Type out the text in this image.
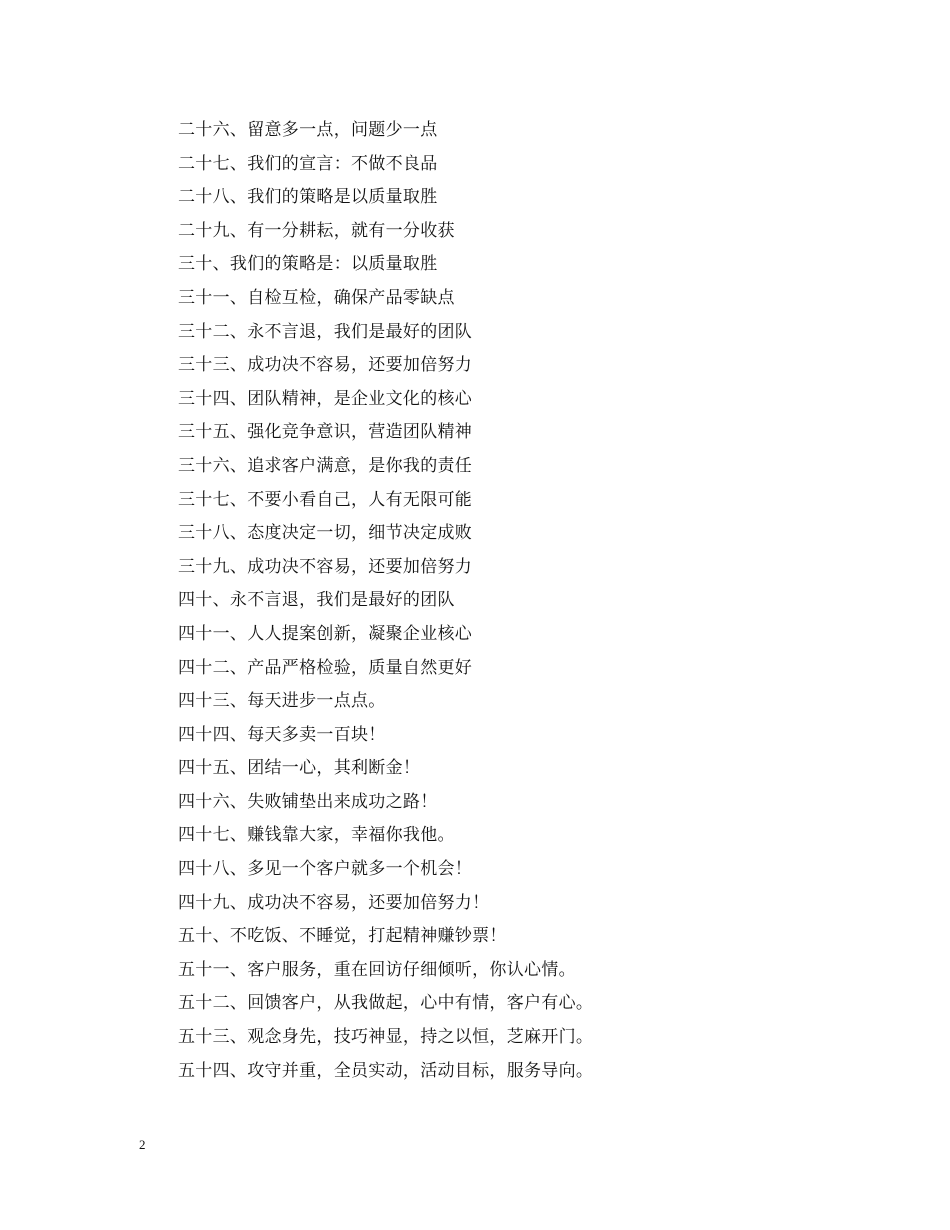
二十六、留意多一点，问题少一点
二十七、我们的宣言：不做不良品
二十八、我们的策略是以质量取胜
二十九、有一分耕耘，就有一分收获
三十、我们的策略是：以质量取胜
三十一、自检互检，确保产品零缺点
三十二、永不言退，我们是最好的团队
三十三、成功决不容易，还要加倍努力
三十四、团队精神，是企业文化的核心
三十五、强化竞争意识，营造团队精神
三十六、追求客户满意，是你我的责任
三十七、不要小看自己，人有无限可能
三十八、态度决定一切，细节决定成败
三十九、成功决不容易，还要加倍努力
四十、永不言退，我们是最好的团队
四十一、人人提案创新，凝聚企业核心
四十二、产品严格检验，质量自然更好
四十三、每天进步一点点。
四十四、每天多卖一百块！
四十五、团结一心，其利断金！
四十六、失败铺垫出来成功之路！
四十七、赚钱靠大家，幸福你我他。
四十八、多见一个客户就多一个机会！
四十九、成功决不容易，还要加倍努力！
五十、不吃饭、不睡觉，打起精神赚钞票！
五十一、客户服务，重在回访仔细倾听，你认心情。
五十二、回馈客户，从我做起，心中有情，客户有心。
五十三、观念身先，技巧神显，持之以恒，芝麻开门。
五十四、攻守并重，全员实动，活动目标，服务导向。
2
